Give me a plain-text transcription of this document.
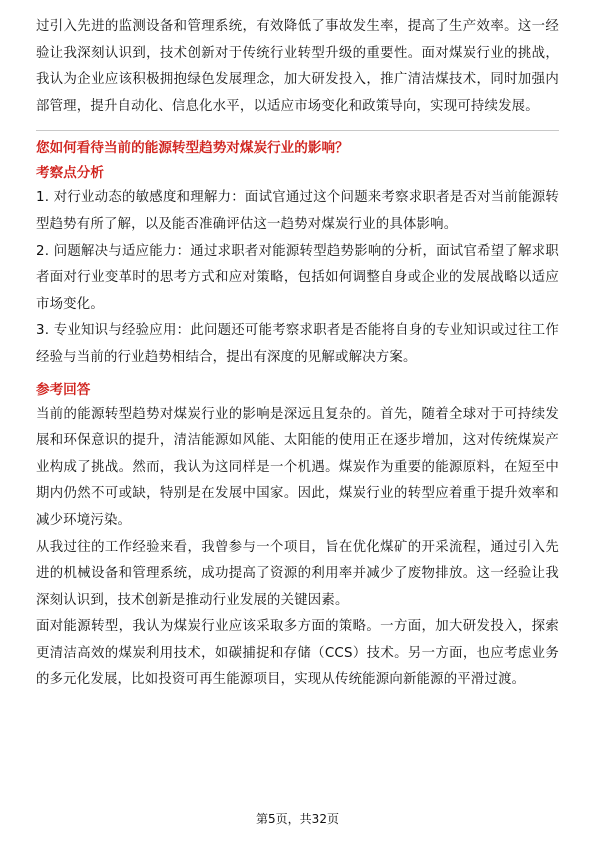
过引入先进的监测设备和管理系统，有效降低了事故发生率，提高了生产效率。这一经验让我深刻认识到，技术创新对于传统行业转型升级的重要性。面对煤炭行业的挑战，我认为企业应该积极拥抱绿色发展理念，加大研发投入，推广清洁煤技术，同时加强内部管理，提升自动化、信息化水平，以适应市场变化和政策导向，实现可持续发展。

您如何看待当前的能源转型趋势对煤炭行业的影响？
考察点分析

1. 对行业动态的敏感度和理解力：面试官通过这个问题来考察求职者是否对当前能源转型趋势有所了解，以及能否准确评估这一趋势对煤炭行业的具体影响。

2. 问题解决与适应能力：通过求职者对能源转型趋势影响的分析，面试官希望了解求职者面对行业变革时的思考方式和应对策略，包括如何调整自身或企业的发展战略以适应市场变化。

3. 专业知识与经验应用：此问题还可能考察求职者是否能将自身的专业知识或过往工作经验与当前的行业趋势相结合，提出有深度的见解或解决方案。

参考回答

当前的能源转型趋势对煤炭行业的影响是深远且复杂的。首先，随着全球对于可持续发展和环保意识的提升，清洁能源如风能、太阳能的使用正在逐步增加，这对传统煤炭产业构成了挑战。然而，我认为这同样是一个机遇。煤炭作为重要的能源原料，在短至中期内仍然不可或缺，特别是在发展中国家。因此，煤炭行业的转型应着重于提升效率和减少环境污染。

从我过往的工作经验来看，我曾参与一个项目，旨在优化煤矿的开采流程，通过引入先进的机械设备和管理系统，成功提高了资源的利用率并减少了废物排放。这一经验让我深刻认识到，技术创新是推动行业发展的关键因素。

面对能源转型，我认为煤炭行业应该采取多方面的策略。一方面，加大研发投入，探索更清洁高效的煤炭利用技术，如碳捕捉和存储（CCS）技术。另一方面，也应考虑业务的多元化发展，比如投资可再生能源项目，实现从传统能源向新能源的平滑过渡。

第5页，共32页
